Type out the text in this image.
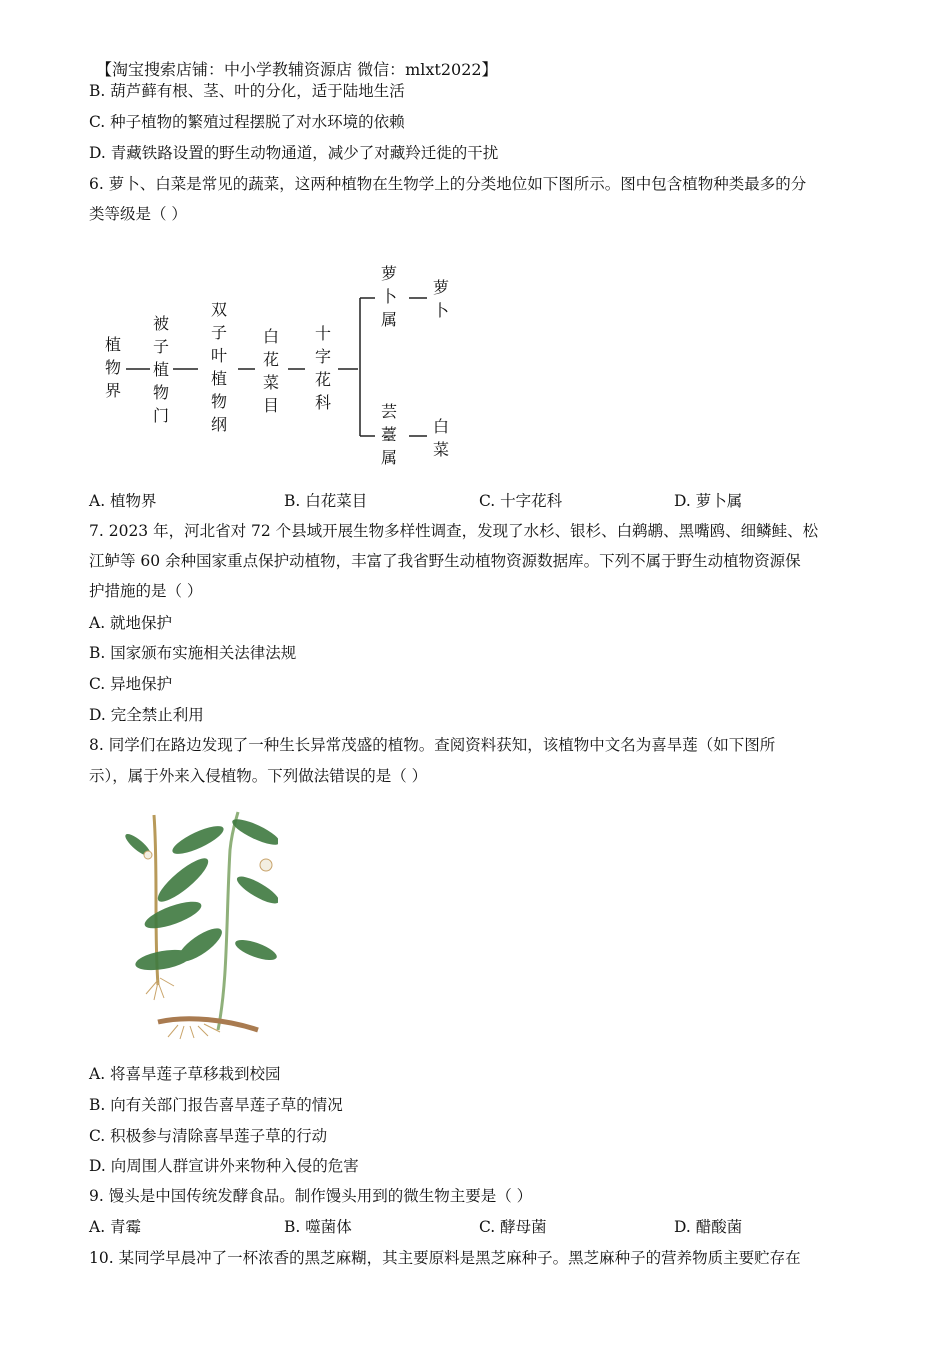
【淘宝搜索店铺：中小学教辅资源店 微信：mlxt2022】
B. 葫芦藓有根、茎、叶的分化，适于陆地生活
C. 种子植物的繁殖过程摆脱了对水环境的依赖
D. 青藏铁路设置的野生动物通道，减少了对藏羚迁徙的干扰
6. 萝卜、白菜是常见的蔬菜，这两种植物在生物学上的分类地位如下图所示。图中包含植物种类最多的分
类等级是（ ）
植物界
被子植物门
双子叶植物纲
白花菜目
十字花科
萝卜属
萝卜
芸薹属
白菜
A. 植物界	B. 白花菜目	C. 十字花科	D. 萝卜属
7. 2023 年，河北省对 72 个县域开展生物多样性调查，发现了水杉、银杉、白鹈鹕、黑嘴鸥、细鳞鲑、松
江鲈等 60 余种国家重点保护动植物，丰富了我省野生动植物资源数据库。下列不属于野生动植物资源保
护措施的是（ ）
A. 就地保护
B. 国家颁布实施相关法律法规
C. 异地保护
D. 完全禁止利用
8. 同学们在路边发现了一种生长异常茂盛的植物。查阅资料获知，该植物中文名为喜旱莲（如下图所
示），属于外来入侵植物。下列做法错误的是（ ）
A. 将喜旱莲子草移栽到校园
B. 向有关部门报告喜旱莲子草的情况
C. 积极参与清除喜旱莲子草的行动
D. 向周围人群宣讲外来物种入侵的危害
9. 馒头是中国传统发酵食品。制作馒头用到的微生物主要是（ ）
A. 青霉	B. 噬菌体	C. 酵母菌	D. 醋酸菌
10. 某同学早晨冲了一杯浓香的黑芝麻糊，其主要原料是黑芝麻种子。黑芝麻种子的营养物质主要贮存在
